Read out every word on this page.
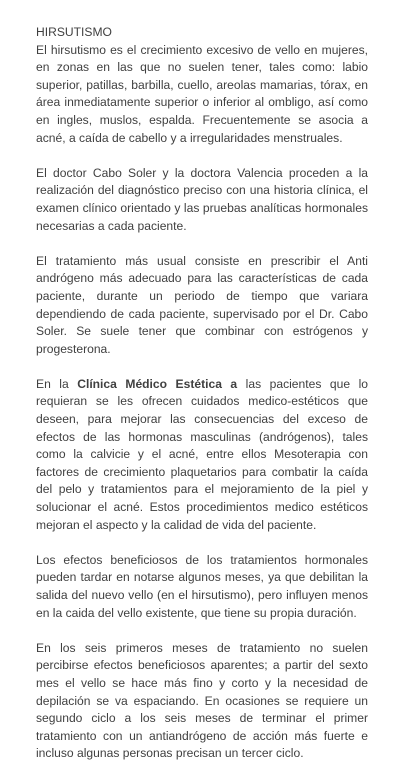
HIRSUTISMO

El hirsutismo es el crecimiento excesivo de vello en mujeres, en zonas en las que no suelen tener, tales como: labio superior, patillas, barbilla, cuello, areolas mamarias, tórax, en área inmediatamente superior o inferior al ombligo, así como en ingles, muslos, espalda. Frecuentemente se asocia a acné, a caída de cabello y a irregularidades menstruales.

El doctor Cabo Soler y la doctora Valencia proceden a la realización del diagnóstico preciso con una historia clínica, el examen clínico orientado y las pruebas analíticas hormonales necesarias a cada paciente.

El tratamiento más usual consiste en prescribir el Anti andrógeno más adecuado para las características de cada paciente, durante un periodo de tiempo que variara dependiendo de cada paciente, supervisado por el Dr. Cabo Soler. Se suele tener que combinar con estrógenos y progesterona.

En la Clínica Médico Estética a las pacientes que lo requieran se les ofrecen cuidados medico-estéticos que deseen, para mejorar las consecuencias del exceso de efectos de las hormonas masculinas (andrógenos), tales como la calvicie y el acné, entre ellos Mesoterapia con factores de crecimiento plaquetarios para combatir la caída del pelo y tratamientos para el mejoramiento de la piel y solucionar el acné. Estos procedimientos medico estéticos mejoran el aspecto y la calidad de vida del paciente.

Los efectos beneficiosos de los tratamientos hormonales pueden tardar en notarse algunos meses, ya que debilitan la salida del nuevo vello (en el hirsutismo), pero influyen menos en la caida del vello existente, que tiene su propia duración.

En los seis primeros meses de tratamiento no suelen percibirse efectos beneficiosos aparentes; a partir del sexto mes el vello se hace más fino y corto y la necesidad de depilación se va espaciando. En ocasiones se requiere un segundo ciclo a los seis meses de terminar el primer tratamiento con un antiandrógeno de acción más fuerte e incluso algunas personas precisan un tercer ciclo.
